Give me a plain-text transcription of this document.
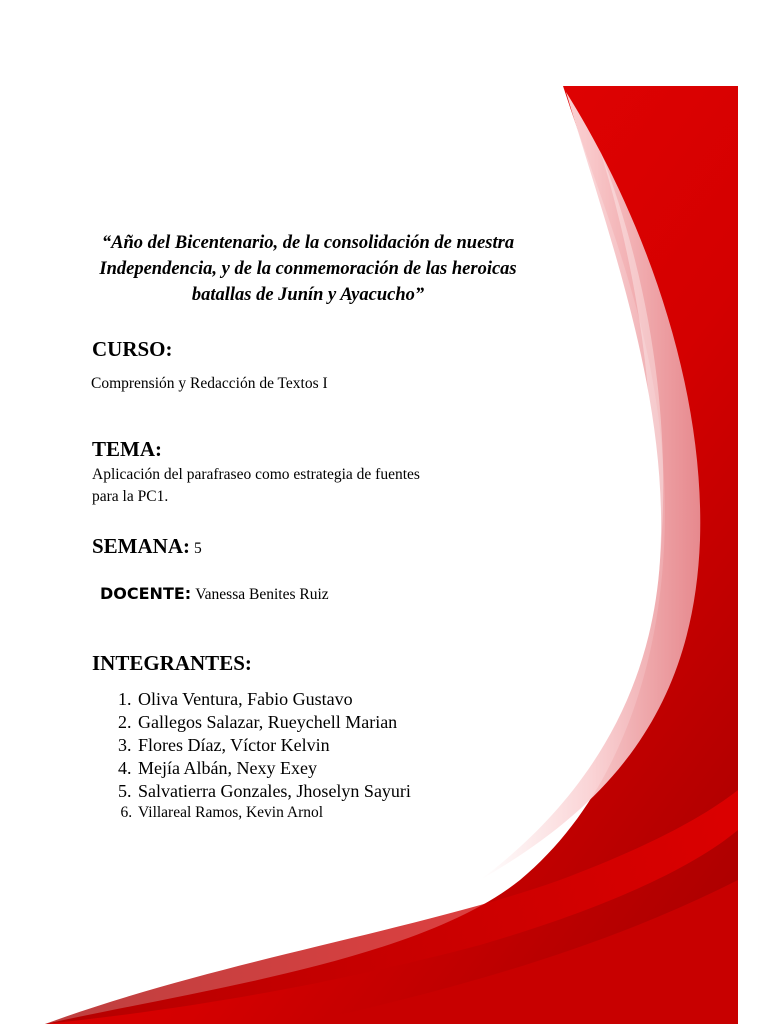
“Año del Bicentenario, de la consolidación de nuestra
Independencia, y de la conmemoración de las heroicas
batallas de Junín y Ayacucho”
CURSO:
Comprensión y Redacción de Textos I
TEMA:
Aplicación del parafraseo como estrategia de fuentes
para la PC1.
SEMANA: 5
DOCENTE: Vanessa Benites Ruiz
INTEGRANTES:
1. Oliva Ventura, Fabio Gustavo
2. Gallegos Salazar, Rueychell Marian
3. Flores Díaz, Víctor Kelvin
4. Mejía Albán, Nexy Exey
5. Salvatierra Gonzales, Jhoselyn Sayuri
6. Villareal Ramos, Kevin Arnol
